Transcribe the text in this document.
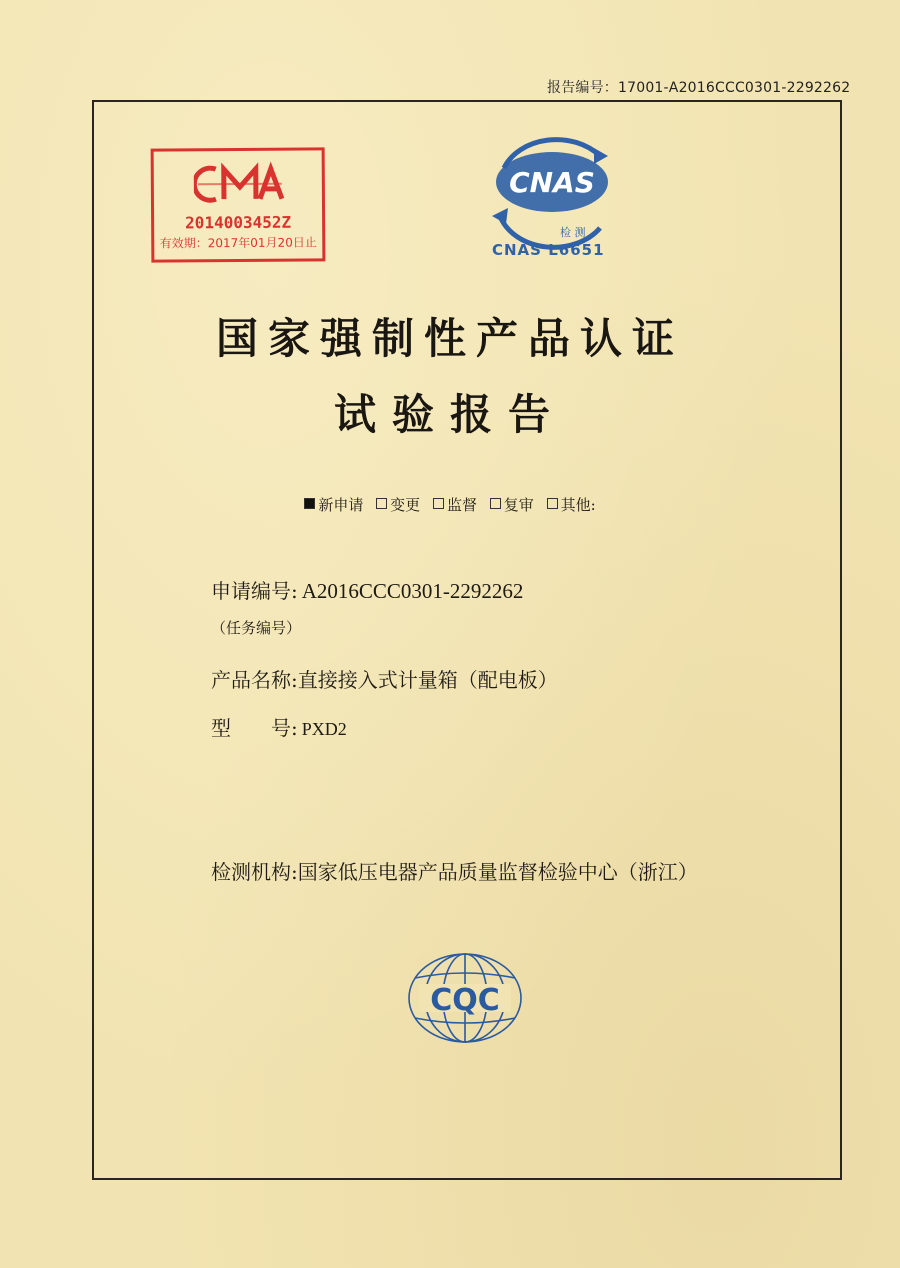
报告编号：17001-A2016CCC0301-2292262
2014003452Z
有效期：2017年01月20日止
CNAS
检 测
CNAS L6651
国家强制性产品认证
试验报告
新申请 变更 监督 复审 其他:
申请编号: A2016CCC0301-2292262
（任务编号）
产品名称:直接接入式计量箱（配电板）
型　　号: PXD2
检测机构:国家低压电器产品质量监督检验中心（浙江）
CQC
